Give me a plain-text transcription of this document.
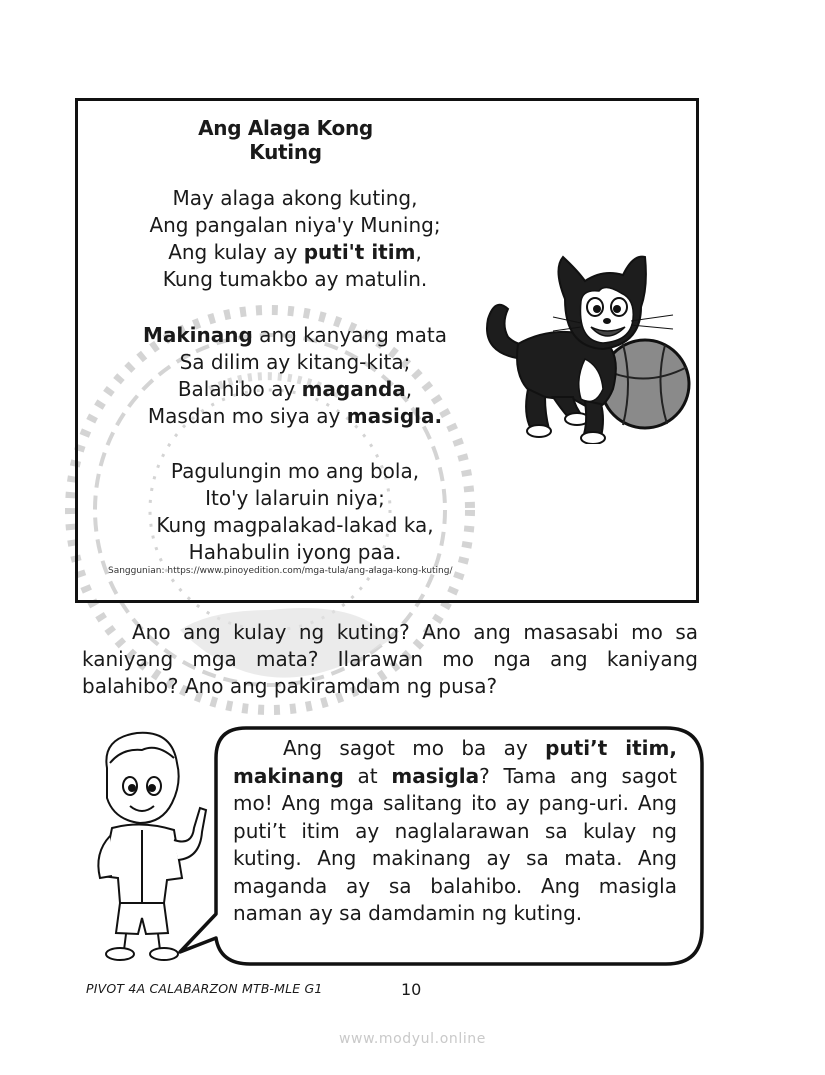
Ang Alaga Kong Kuting
May alaga akong kuting,
Ang pangalan niya'y Muning;
Ang kulay ay puti't itim,
Kung tumakbo ay matulin.
Makinang ang kanyang mata
Sa dilim ay kitang-kita;
Balahibo ay maganda,
Masdan mo siya ay masigla.
Pagulungin mo ang bola,
Ito'y lalaruin niya;
Kung magpalakad-lakad ka,
Hahabulin iyong paa.
Sanggunian: https://www.pinoyedition.com/mga-tula/ang-alaga-kong-kuting/
Ano ang kulay ng kuting? Ano ang masasabi mo sa kaniyang mga mata? Ilarawan mo nga ang kaniyang balahibo? Ano ang pakiramdam ng pusa?
Ang sagot mo ba ay puti’t itim, makinang at masigla? Tama ang sagot mo! Ang mga salitang ito ay pang-uri. Ang puti’t itim ay naglalarawan sa kulay ng kuting. Ang makinang ay sa mata. Ang maganda ay sa balahibo. Ang masigla naman ay sa damdamin ng kuting.
PIVOT 4A CALABARZON MTB-MLE G1	10
www.modyul.online
